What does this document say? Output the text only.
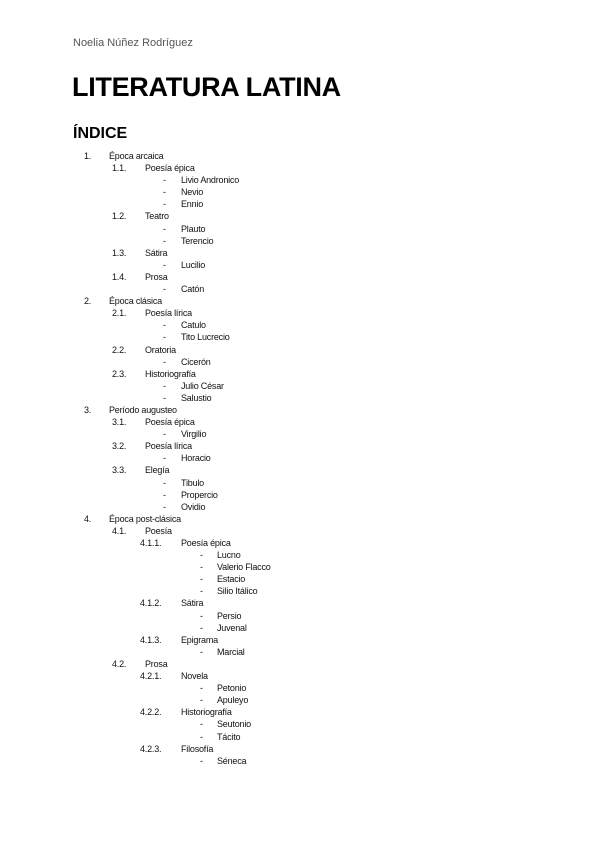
Noelia Núñez Rodríguez
LITERATURA LATINA
ÍNDICE
1. Época arcaica
1.1. Poesía épica
- Livio Andronico
- Nevio
- Ennio
1.2. Teatro
- Plauto
- Terencio
1.3. Sátira
- Lucilio
1.4. Prosa
- Catón
2. Época clásica
2.1. Poesía lírica
- Catulo
- Tito Lucrecio
2.2. Oratoria
- Cicerón
2.3. Historiografía
- Julio César
- Salustio
3. Período augusteo
3.1. Poesía épica
- Virgilio
3.2. Poesía lírica
- Horacio
3.3. Elegía
- Tibulo
- Propercio
- Ovidio
4. Época post-clásica
4.1. Poesía
4.1.1. Poesía épica
- Lucno
- Valerio Flacco
- Estacio
- Silio Itálico
4.1.2. Sátira
- Persio
- Juvenal
4.1.3. Epigrama
- Marcial
4.2. Prosa
4.2.1. Novela
- Petonio
- Apuleyo
4.2.2. Historiografía
- Seutonio
- Tácito
4.2.3. Filosofía
- Séneca
